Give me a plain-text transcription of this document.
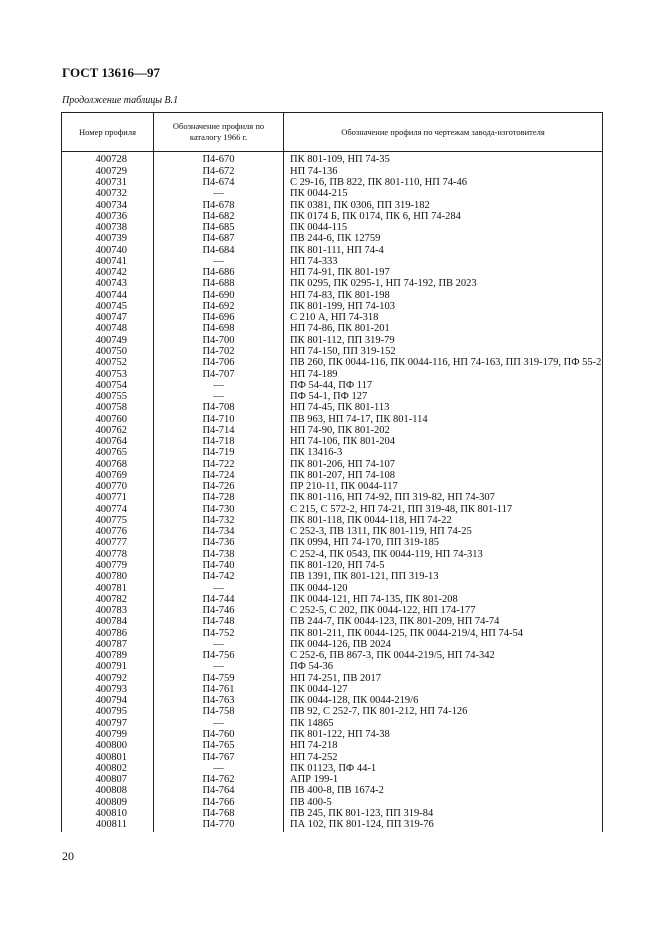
ГОСТ 13616—97
Продолжение таблицы В.1
Номер профиля	Обозначение профиля по каталогу 1966 г.	Обозначение профиля по чертежам завода-изготовителя
400728	П4-670	ПК 801-109, НП 74-35
400729	П4-672	НП 74-136
400731	П4-674	С 29-16, ПВ 822, ПК 801-110, НП 74-46
400732	—	ПК 0044-215
400734	П4-678	ПК 0381, ПК 0306, ПП 319-182
400736	П4-682	ПК 0174 Б, ПК 0174, ПК 6, НП 74-284
400738	П4-685	ПК 0044-115
400739	П4-687	ПВ 244-6, ПК 12759
400740	П4-684	ПК 801-111, НП 74-4
400741	—	НП 74-333
400742	П4-686	НП 74-91, ПК 801-197
400743	П4-688	ПК 0295, ПК 0295-1, НП 74-192, ПВ 2023
400744	П4-690	НП 74-83, ПК 801-198
400745	П4-692	ПК 801-199, НП 74-103
400747	П4-696	С 210 А, НП 74-318
400748	П4-698	НП 74-86, ПК 801-201
400749	П4-700	ПК 801-112, ПП 319-79
400750	П4-702	НП 74-150, ПП 319-152
400752	П4-706	ПВ 260, ПК 0044-116, ПК 0044-116, НП 74-163, ПП 319-179, ПФ 55-2
400753	П4-707	НП 74-189
400754	—	ПФ 54-44, ПФ 117
400755	—	ПФ 54-1, ПФ 127
400758	П4-708	НП 74-45, ПК 801-113
400760	П4-710	ПВ 963, НП 74-17, ПК 801-114
400762	П4-714	НП 74-90, ПК 801-202
400764	П4-718	НП 74-106, ПК 801-204
400765	П4-719	ПК 13416-3
400768	П4-722	ПК 801-206, НП 74-107
400769	П4-724	ПК 801-207, НП 74-108
400770	П4-726	ПР 210-11, ПК 0044-117
400771	П4-728	ПК 801-116, НП 74-92, ПП 319-82, НП 74-307
400774	П4-730	С 215, С 572-2, НП 74-21, ПП 319-48, ПК 801-117
400775	П4-732	ПК 801-118, ПК 0044-118, НП 74-22
400776	П4-734	С 252-3, ПВ 1311, ПК 801-119, НП 74-25
400777	П4-736	ПК 0994, НП 74-170, ПП 319-185
400778	П4-738	С 252-4, ПК 0543, ПК 0044-119, НП 74-313
400779	П4-740	ПК 801-120, НП 74-5
400780	П4-742	ПВ 1391, ПК 801-121, ПП 319-13
400781	—	ПК 0044-120
400782	П4-744	ПК 0044-121, НП 74-135, ПК 801-208
400783	П4-746	С 252-5, С 202, ПК 0044-122, НП 174-177
400784	П4-748	ПВ 244-7, ПК 0044-123, ПК 801-209, НП 74-74
400786	П4-752	ПК 801-211, ПК 0044-125, ПК 0044-219/4, НП 74-54
400787	—	ПК 0044-126, ПВ 2024
400789	П4-756	С 252-6, ПВ 867-3, ПК 0044-219/5, НП 74-342
400791	—	ПФ 54-36
400792	П4-759	НП 74-251, ПВ 2017
400793	П4-761	ПК 0044-127
400794	П4-763	ПК 0044-128, ПК 0044-219/6
400795	П4-758	ПВ 92, С 252-7, ПК 801-212, НП 74-126
400797	—	ПК 14865
400799	П4-760	ПК 801-122, НП 74-38
400800	П4-765	НП 74-218
400801	П4-767	НП 74-252
400802	—	ПК 01123, ПФ 44-1
400807	П4-762	АПР 199-1
400808	П4-764	ПВ 400-8, ПВ 1674-2
400809	П4-766	ПВ 400-5
400810	П4-768	ПВ 245, ПК 801-123, ПП 319-84
400811	П4-770	ПА 102, ПК 801-124, ПП 319-76

20
